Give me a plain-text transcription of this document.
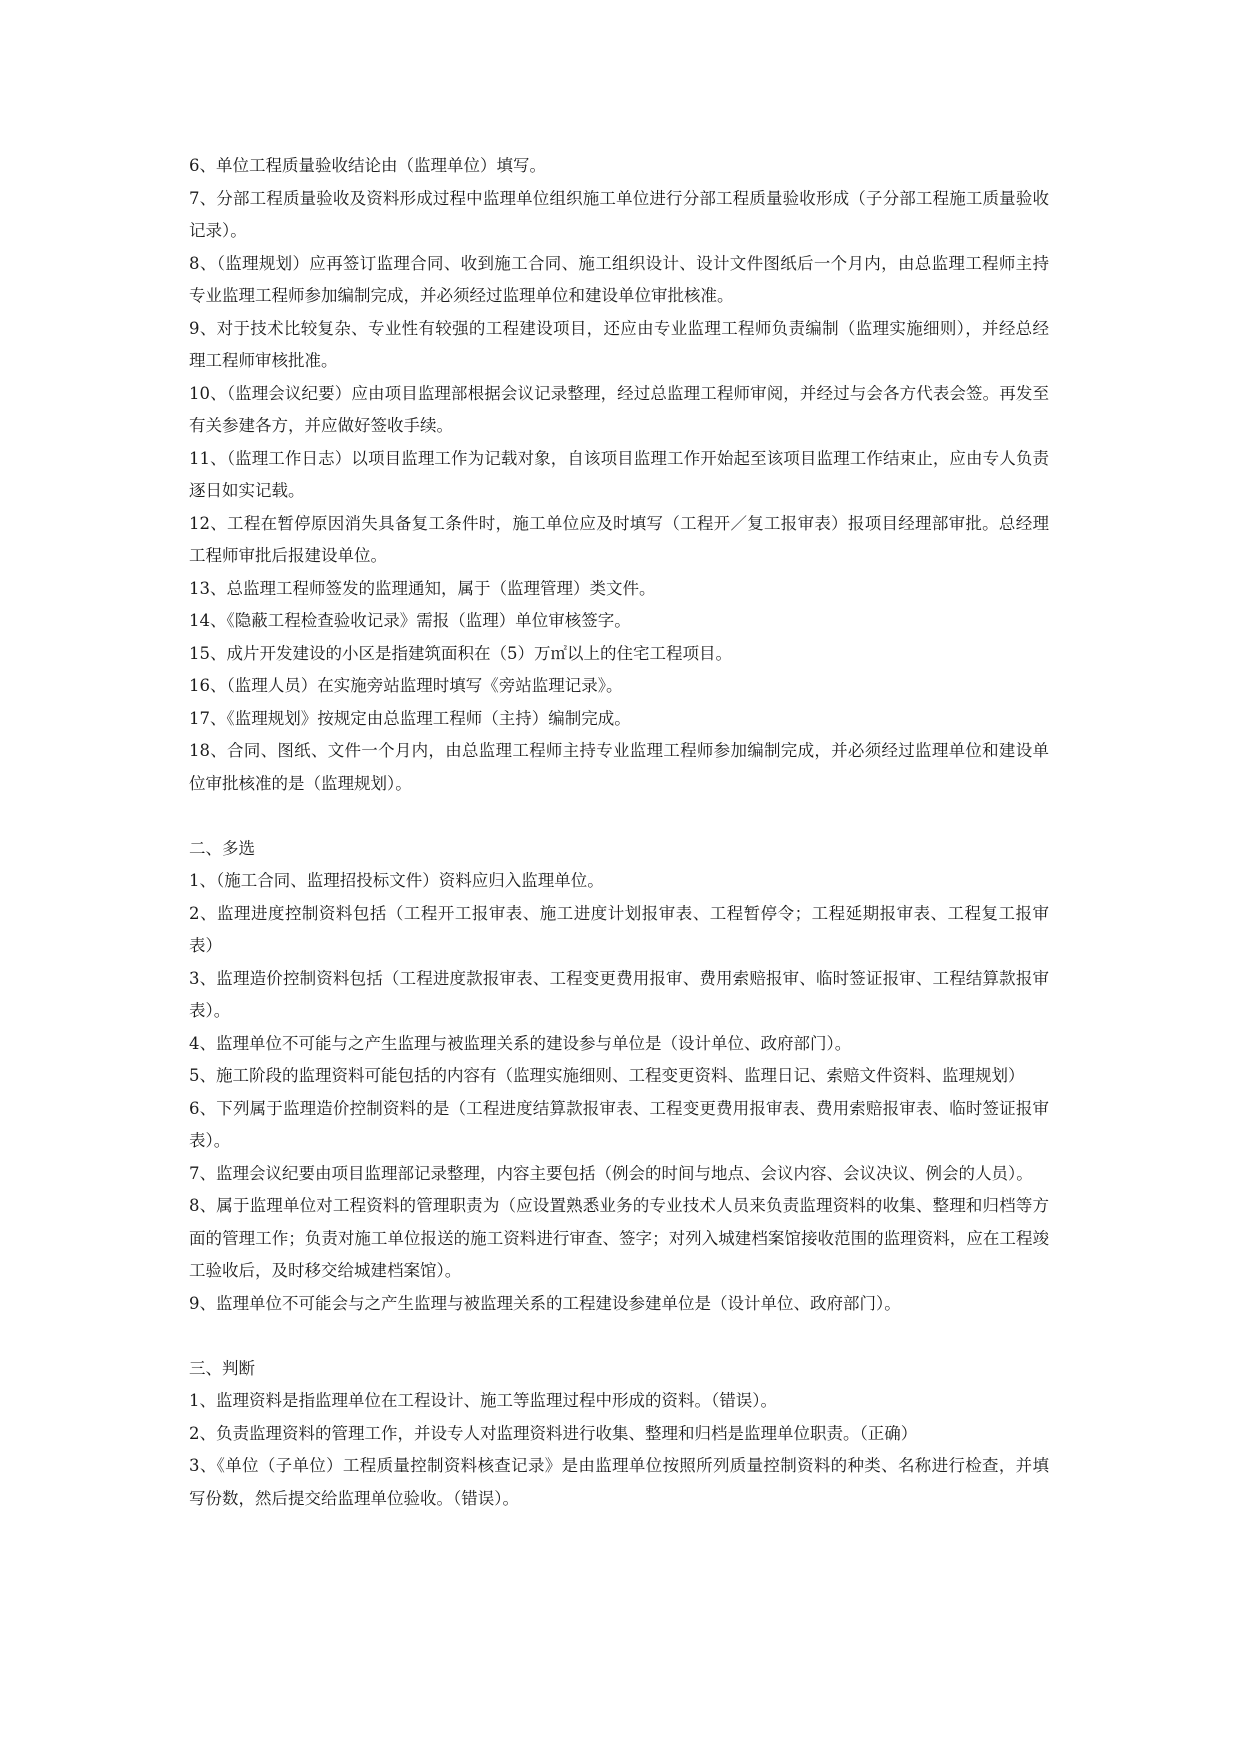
6、单位工程质量验收结论由（监理单位）填写。

7、分部工程质量验收及资料形成过程中监理单位组织施工单位进行分部工程质量验收形成（子分部工程施工质量验收记录）。

8、（监理规划）应再签订监理合同、收到施工合同、施工组织设计、设计文件图纸后一个月内，由总监理工程师主持专业监理工程师参加编制完成，并必须经过监理单位和建设单位审批核准。

9、对于技术比较复杂、专业性有较强的工程建设项目，还应由专业监理工程师负责编制（监理实施细则），并经总经理工程师审核批准。

10、（监理会议纪要）应由项目监理部根据会议记录整理，经过总监理工程师审阅，并经过与会各方代表会签。再发至有关参建各方，并应做好签收手续。

11、（监理工作日志）以项目监理工作为记载对象，自该项目监理工作开始起至该项目监理工作结束止，应由专人负责逐日如实记载。

12、工程在暂停原因消失具备复工条件时，施工单位应及时填写（工程开／复工报审表）报项目经理部审批。总经理工程师审批后报建设单位。

13、总监理工程师签发的监理通知，属于（监理管理）类文件。

14、《隐蔽工程检查验收记录》需报（监理）单位审核签字。

15、成片开发建设的小区是指建筑面积在（5）万㎡以上的住宅工程项目。

16、（监理人员）在实施旁站监理时填写《旁站监理记录》。

17、《监理规划》按规定由总监理工程师（主持）编制完成。

18、合同、图纸、文件一个月内，由总监理工程师主持专业监理工程师参加编制完成，并必须经过监理单位和建设单位审批核准的是（监理规划）。

二、多选

1、（施工合同、监理招投标文件）资料应归入监理单位。

2、监理进度控制资料包括（工程开工报审表、施工进度计划报审表、工程暂停令；工程延期报审表、工程复工报审表）

3、监理造价控制资料包括（工程进度款报审表、工程变更费用报审、费用索赔报审、临时签证报审、工程结算款报审表）。

4、监理单位不可能与之产生监理与被监理关系的建设参与单位是（设计单位、政府部门）。

5、施工阶段的监理资料可能包括的内容有（监理实施细则、工程变更资料、监理日记、索赔文件资料、监理规划）

6、下列属于监理造价控制资料的是（工程进度结算款报审表、工程变更费用报审表、费用索赔报审表、临时签证报审表）。

7、监理会议纪要由项目监理部记录整理，内容主要包括（例会的时间与地点、会议内容、会议决议、例会的人员）。

8、属于监理单位对工程资料的管理职责为（应设置熟悉业务的专业技术人员来负责监理资料的收集、整理和归档等方面的管理工作；负责对施工单位报送的施工资料进行审查、签字；对列入城建档案馆接收范围的监理资料，应在工程竣工验收后，及时移交给城建档案馆）。

9、监理单位不可能会与之产生监理与被监理关系的工程建设参建单位是（设计单位、政府部门）。

三、判断

1、监理资料是指监理单位在工程设计、施工等监理过程中形成的资料。（错误）。

2、负责监理资料的管理工作，并设专人对监理资料进行收集、整理和归档是监理单位职责。（正确）

3、《单位（子单位）工程质量控制资料核查记录》是由监理单位按照所列质量控制资料的种类、名称进行检查，并填写份数，然后提交给监理单位验收。（错误）。
